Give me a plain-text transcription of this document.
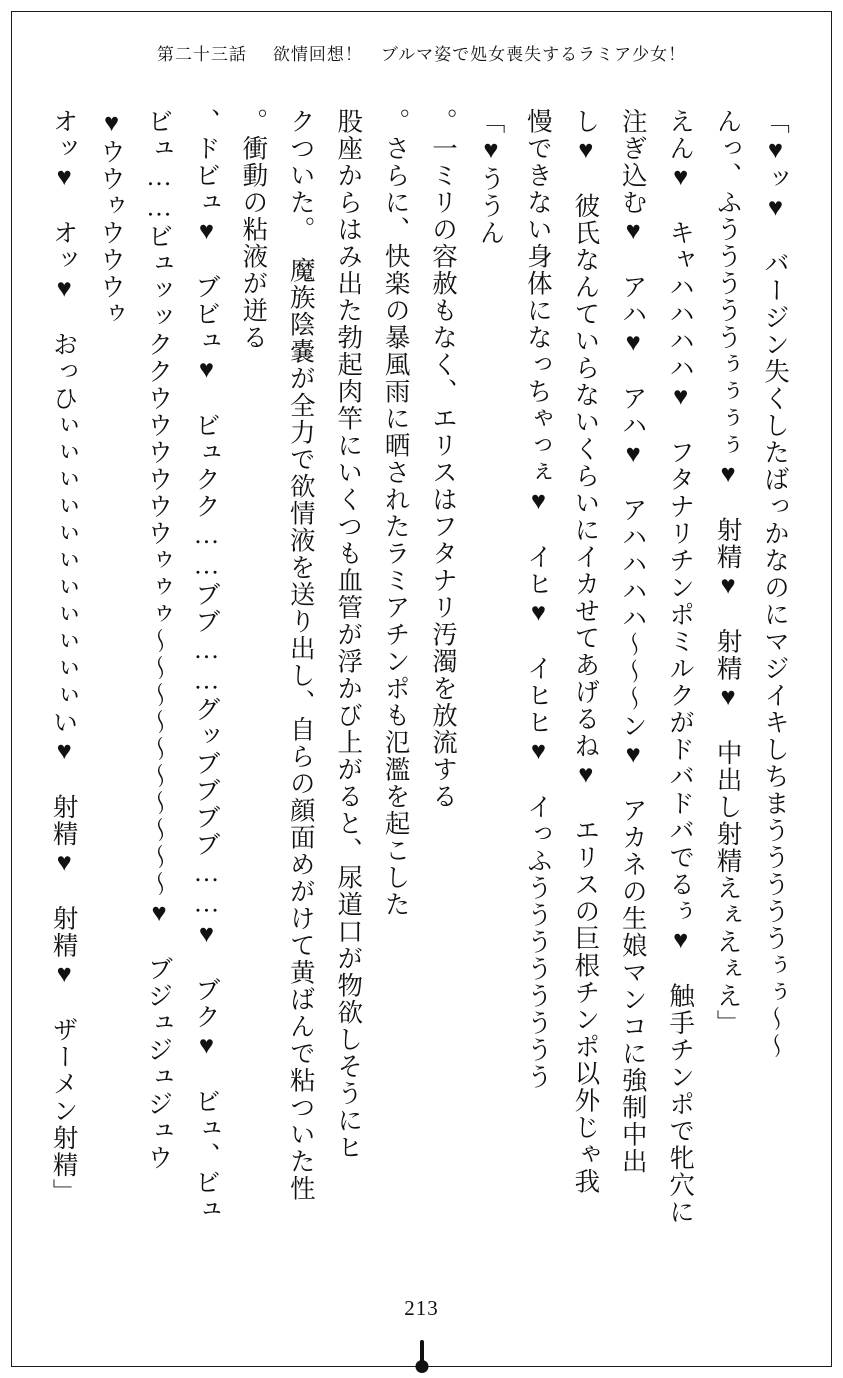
第二十三話 欲情回想！　ブルマ姿で処女喪失するラミア少女！
〜〜ッ♥　バージン失くしたばっかなのにマジイキしちまうううううぅぅ♥」
「んっ、ふうううううぅぅぅぅ♥　射精♥　射精♥　中出し射精えぇえぇえ
えん♥　キャハハハハ♥　フタナリチンポミルクがドバドバでるぅ♥　触手チンポで牝穴に
注ぎ込む♥　アハ♥　アハ♥　アハハハハ〜〜〜ン♥　アカネの生娘マンコに強制中出
し♥　彼氏なんていらないくらいにイカせてあげるね♥　エリスの巨根チンポ以外じゃ我
慢できない身体になっちゃっぇ♥　イヒ♥　イヒヒ♥　イっふうううううううう
ううん♥」
　一ミリの容赦もなく、エリスはフタナリ汚濁を放流する。
　さらに、快楽の暴風雨に晒されたラミアチンポも氾濫を起こした。
　股座からはみ出た勃起肉竿にいくつも血管が浮かび上がると、尿道口が物欲しそうにヒ
クついた。　魔族陰嚢が全力で欲情液を送り出し、自らの顔面めがけて黄ばんで粘ついた性
衝動の粘液が迸る。
　ドビュ♥　ブビュ♥　ビュクク……ブブ……グッブブブブ……♥　ブク♥　ビュ、ビュ、
ビュ……ビュッッククウウウウウウゥゥゥ〜〜〜〜〜〜〜〜〜〜♥　ブジュジュジュウ
ウウゥウウウゥ♥
「オッ♥　オッ♥　おっひぃぃぃぃぃぃぃぃぃぃぃい♥　射精♥　射精♥　ザーメン射精
213
